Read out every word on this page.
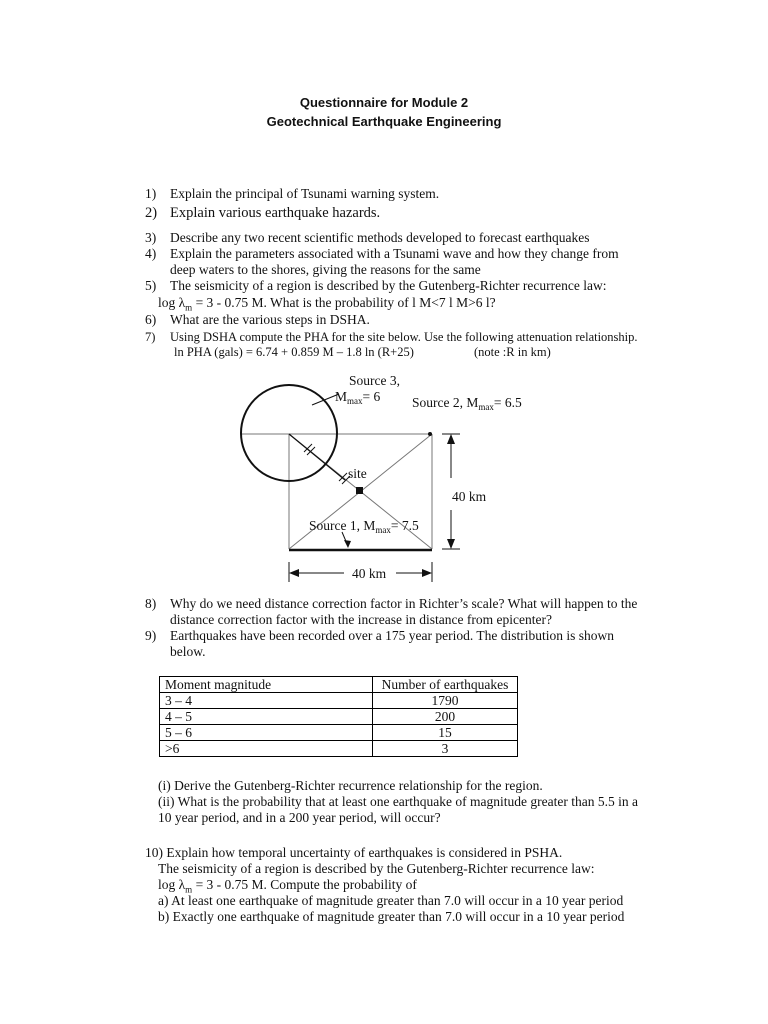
Questionnaire for Module 2
Geotechnical Earthquake Engineering
1) Explain the principal of Tsunami warning system.
2) Explain various earthquake hazards.
3) Describe any two recent scientific methods developed to forecast earthquakes
4) Explain the parameters associated with a Tsunami wave and how they change from
deep waters to the shores, giving the reasons for the same
5) The seismicity of a region is described by the Gutenberg-Richter recurrence law:
$\log \lambda_m = 3 - 0.75$ M. What is the probability of l M<7 l M>6 l?
6) What are the various steps in DSHA.
7) Using DSHA compute the PHA for the site below. Use the following attenuation relationship.
ln PHA (gals) = 6.74 + 0.859 M – 1.8 ln (R+25)	(note :R in km)
Source 3,
$M_{max}= 6$ Source 2, $M_{max}= 6.5$
site
40 km
Source 1, $M_{max}= 7.5$
40 km
8) Why do we need distance correction factor in Richter’s scale? What will happen to the
distance correction factor with the increase in distance from epicenter?
9) Earthquakes have been recorded over a 175 year period. The distribution is shown
below.
Moment magnitude	Number of earthquakes
3 – 4	1790
4 – 5	200
5 – 6	15
>6	3
(i) Derive the Gutenberg-Richter recurrence relationship for the region.
(ii) What is the probability that at least one earthquake of magnitude greater than 5.5 in a
10 year period, and in a 200 year period, will occur?
10) Explain how temporal uncertainty of earthquakes is considered in PSHA.
The seismicity of a region is described by the Gutenberg-Richter recurrence law:
$\log \lambda_m = 3 - 0.75$ M. Compute the probability of
a) At least one earthquake of magnitude greater than 7.0 will occur in a 10 year period
b) Exactly one earthquake of magnitude greater than 7.0 will occur in a 10 year period
